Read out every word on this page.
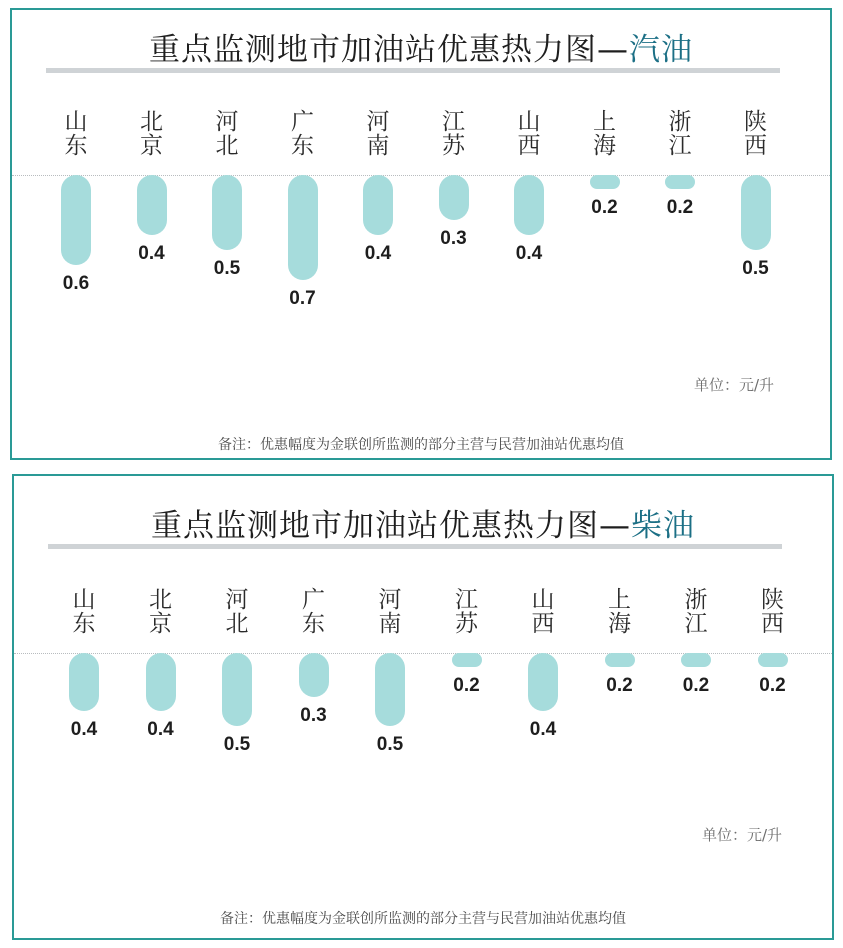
重点监测地市加油站优惠热力图—汽油
山东
0.6
北京
0.4
河北
0.5
广东
0.7
河南
0.4
江苏
0.3
山西
0.4
上海
0.2
浙江
0.2
陕西
0.5
单位：元/升
备注：优惠幅度为金联创所监测的部分主营与民营加油站优惠均值
重点监测地市加油站优惠热力图—柴油
山东
0.4
北京
0.4
河北
0.5
广东
0.3
河南
0.5
江苏
0.2
山西
0.4
上海
0.2
浙江
0.2
陕西
0.2
单位：元/升
备注：优惠幅度为金联创所监测的部分主营与民营加油站优惠均值
